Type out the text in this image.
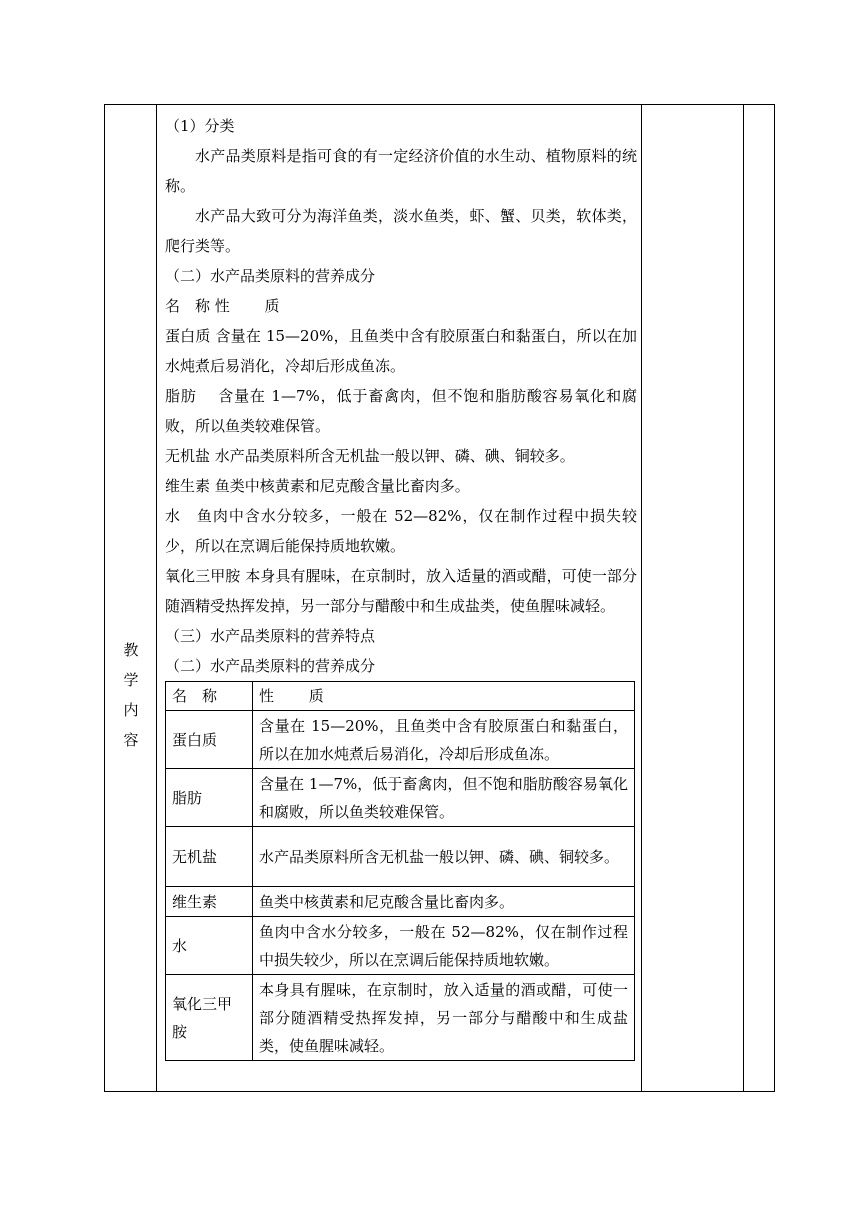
教
学
内
容

（1）分类

水产品类原料是指可食的有一定经济价值的水生动、植物原料的统称。

水产品大致可分为海洋鱼类，淡水鱼类，虾、蟹、贝类，软体类，爬行类等。

（二）水产品类原料的营养成分

名　称 性　　 质

蛋白质 含量在 15—20%，且鱼类中含有胶原蛋白和黏蛋白，所以在加水炖煮后易消化，冷却后形成鱼冻。

脂肪　 含量在 1—7%，低于畜禽肉，但不饱和脂肪酸容易氧化和腐败，所以鱼类较难保管。

无机盐 水产品类原料所含无机盐一般以钾、磷、碘、铜较多。

维生素 鱼类中核黄素和尼克酸含量比畜肉多。

水　鱼肉中含水分较多，一般在 52—82%，仅在制作过程中损失较少，所以在烹调后能保持质地软嫩。

氧化三甲胺 本身具有腥味，在京制时，放入适量的酒或醋，可使一部分随酒精受热挥发掉，另一部分与醋酸中和生成盐类，使鱼腥味减轻。

（三）水产品类原料的营养特点

（二）水产品类原料的营养成分

名　称	性　　 质
蛋白质	含量在 15—20%，且鱼类中含有胶原蛋白和黏蛋白，所以在加水炖煮后易消化，冷却后形成鱼冻。
脂肪	含量在 1—7%，低于畜禽肉，但不饱和脂肪酸容易氧化和腐败，所以鱼类较难保管。
无机盐	水产品类原料所含无机盐一般以钾、磷、碘、铜较多。
维生素	鱼类中核黄素和尼克酸含量比畜肉多。
水	鱼肉中含水分较多，一般在 52—82%，仅在制作过程中损失较少，所以在烹调后能保持质地软嫩。
氧化三甲胺	本身具有腥味，在京制时，放入适量的酒或醋，可使一部分随酒精受热挥发掉，另一部分与醋酸中和生成盐类，使鱼腥味减轻。
